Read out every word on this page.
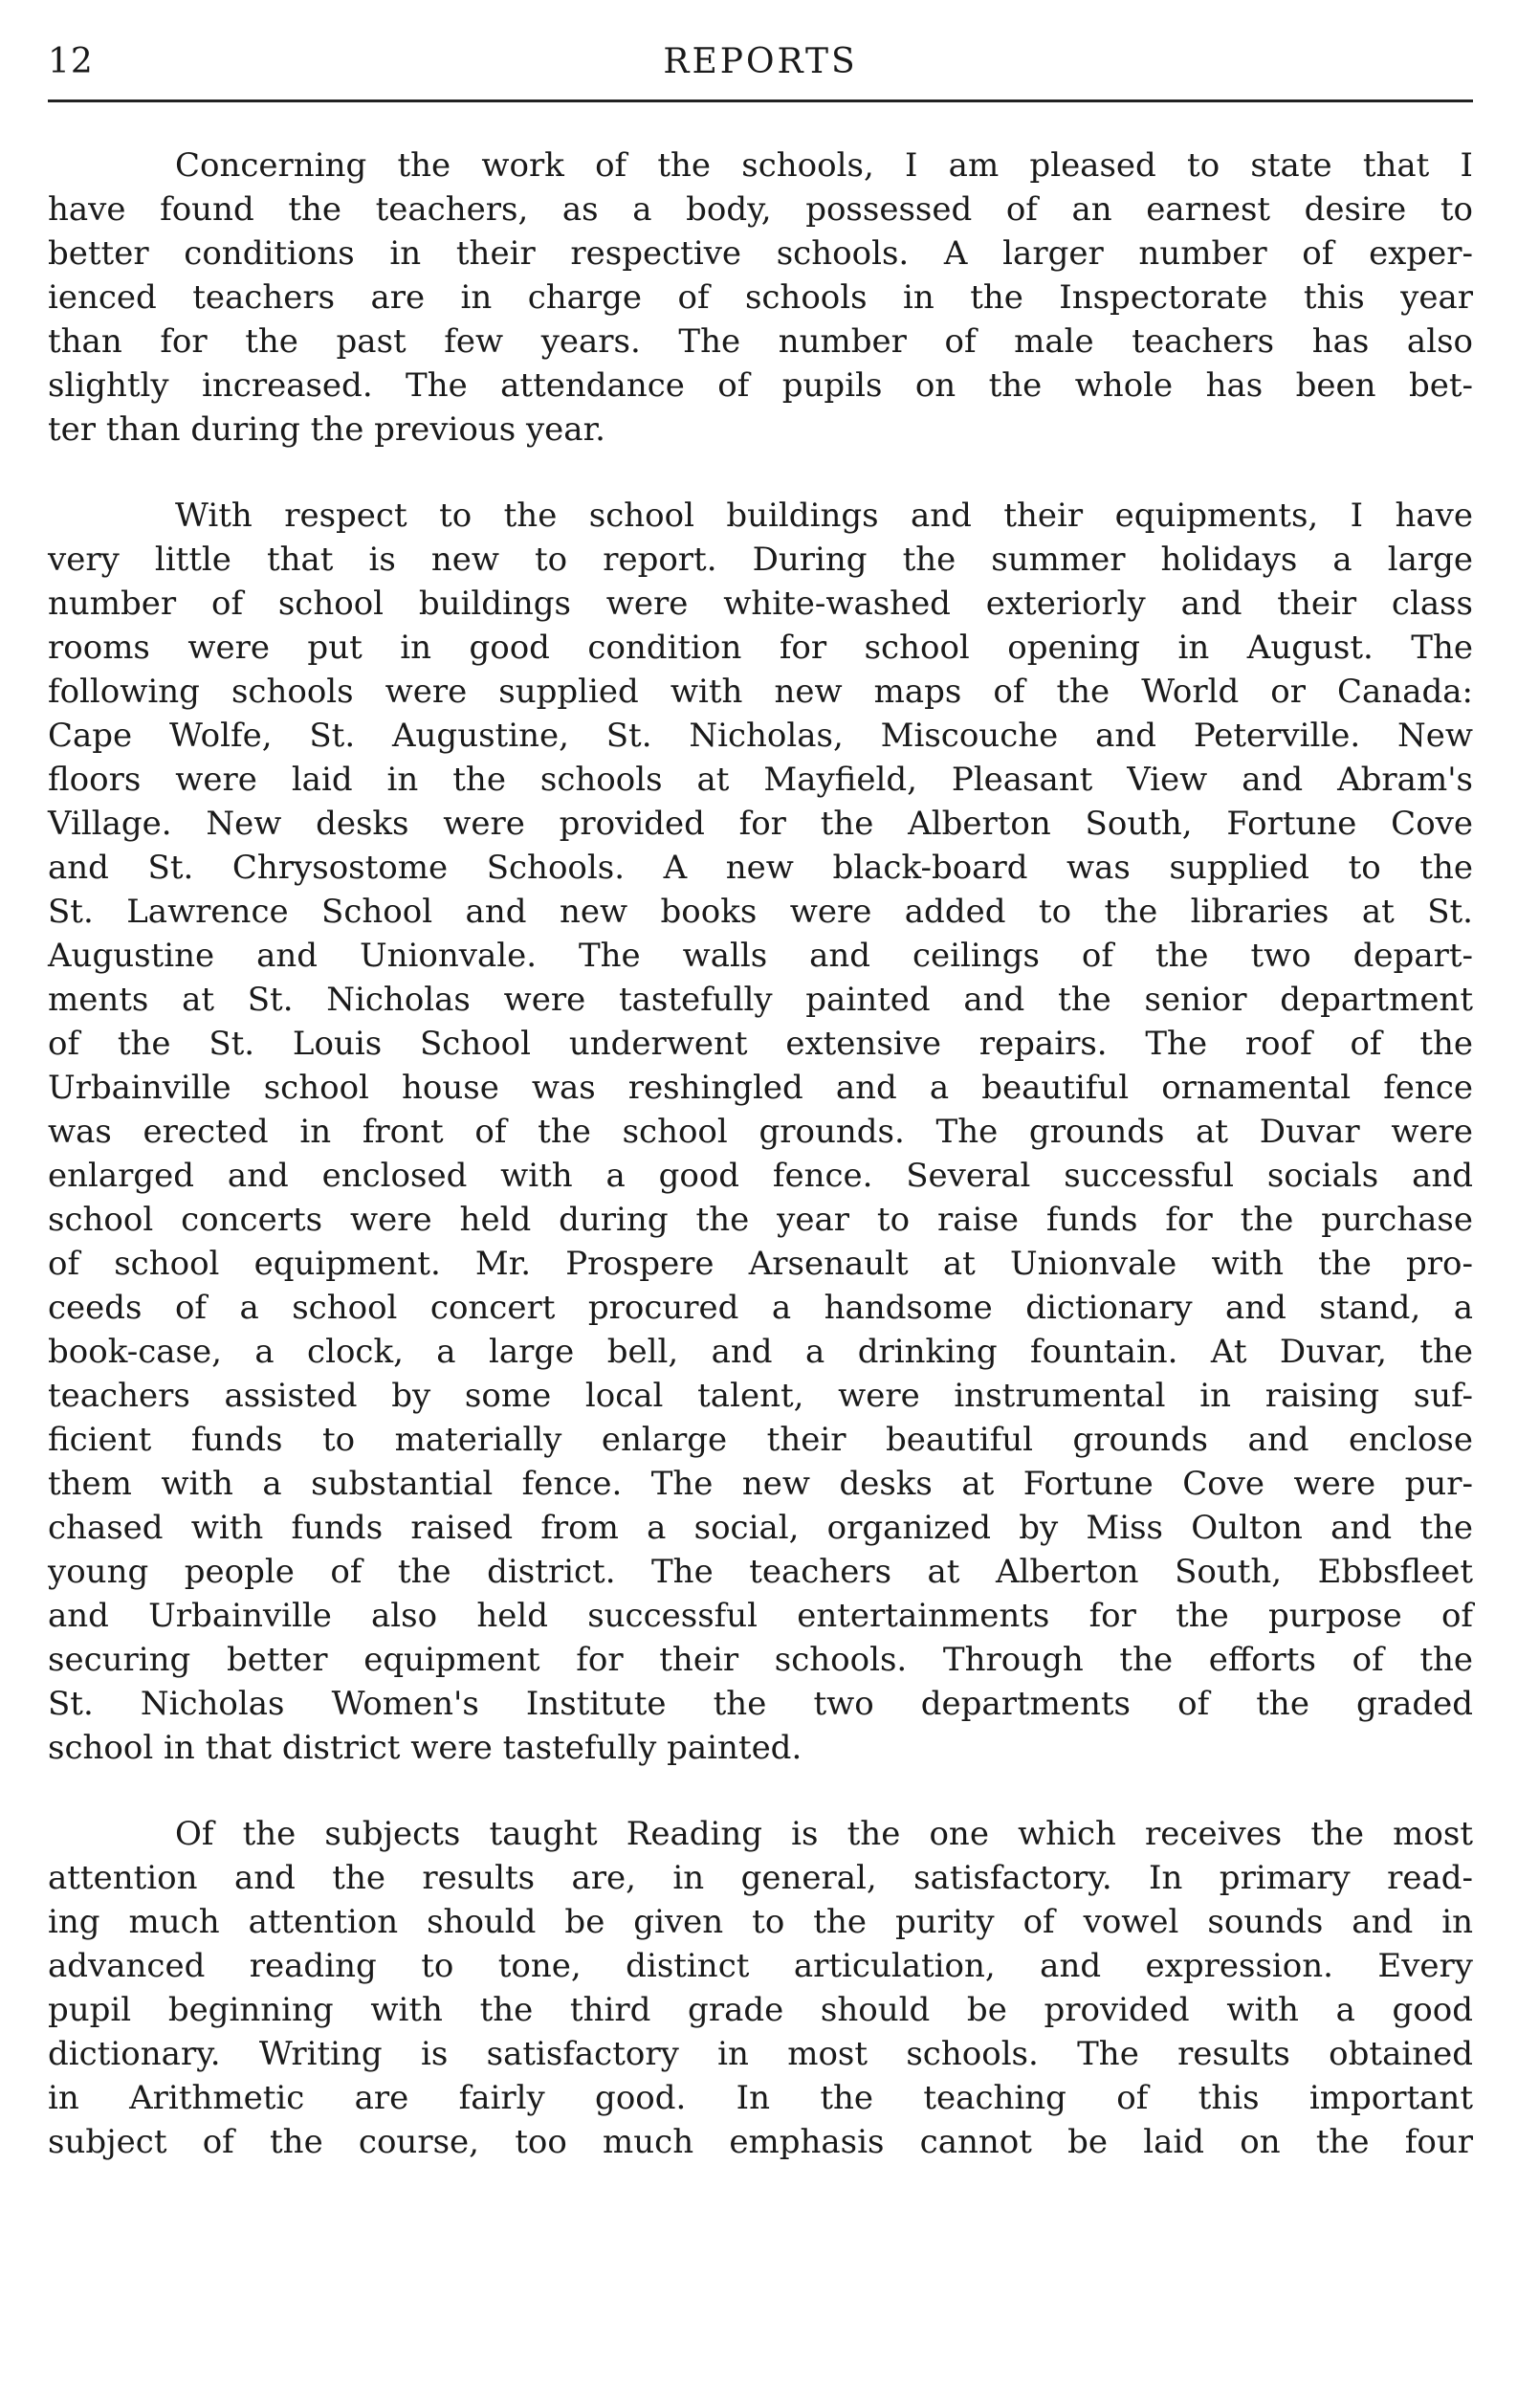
12	REPORTS
Concerning the work of the schools, I am pleased to state that I
have found the teachers, as a body, possessed of an earnest desire to
better conditions in their respective schools. A larger number of exper-
ienced teachers are in charge of schools in the Inspectorate this year
than for the past few years. The number of male teachers has also
slightly increased. The attendance of pupils on the whole has been bet-
ter than during the previous year.
With respect to the school buildings and their equipments, I have
very little that is new to report. During the summer holidays a large
number of school buildings were white-washed exteriorly and their class
rooms were put in good condition for school opening in August. The
following schools were supplied with new maps of the World or Canada:
Cape Wolfe, St. Augustine, St. Nicholas, Miscouche and Peterville. New
floors were laid in the schools at Mayfield, Pleasant View and Abram's
Village. New desks were provided for the Alberton South, Fortune Cove
and St. Chrysostome Schools. A new black-board was supplied to the
St. Lawrence School and new books were added to the libraries at St.
Augustine and Unionvale. The walls and ceilings of the two depart-
ments at St. Nicholas were tastefully painted and the senior department
of the St. Louis School underwent extensive repairs. The roof of the
Urbainville school house was reshingled and a beautiful ornamental fence
was erected in front of the school grounds. The grounds at Duvar were
enlarged and enclosed with a good fence. Several successful socials and
school concerts were held during the year to raise funds for the purchase
of school equipment. Mr. Prospere Arsenault at Unionvale with the pro-
ceeds of a school concert procured a handsome dictionary and stand, a
book-case, a clock, a large bell, and a drinking fountain. At Duvar, the
teachers assisted by some local talent, were instrumental in raising suf-
ficient funds to materially enlarge their beautiful grounds and enclose
them with a substantial fence. The new desks at Fortune Cove were pur-
chased with funds raised from a social, organized by Miss Oulton and the
young people of the district. The teachers at Alberton South, Ebbsfleet
and Urbainville also held successful entertainments for the purpose of
securing better equipment for their schools. Through the efforts of the
St. Nicholas Women's Institute the two departments of the graded
school in that district were tastefully painted.
Of the subjects taught Reading is the one which receives the most
attention and the results are, in general, satisfactory. In primary read-
ing much attention should be given to the purity of vowel sounds and in
advanced reading to tone, distinct articulation, and expression. Every
pupil beginning with the third grade should be provided with a good
dictionary. Writing is satisfactory in most schools. The results obtained
in Arithmetic are fairly good. In the teaching of this important
subject of the course, too much emphasis cannot be laid on the four
